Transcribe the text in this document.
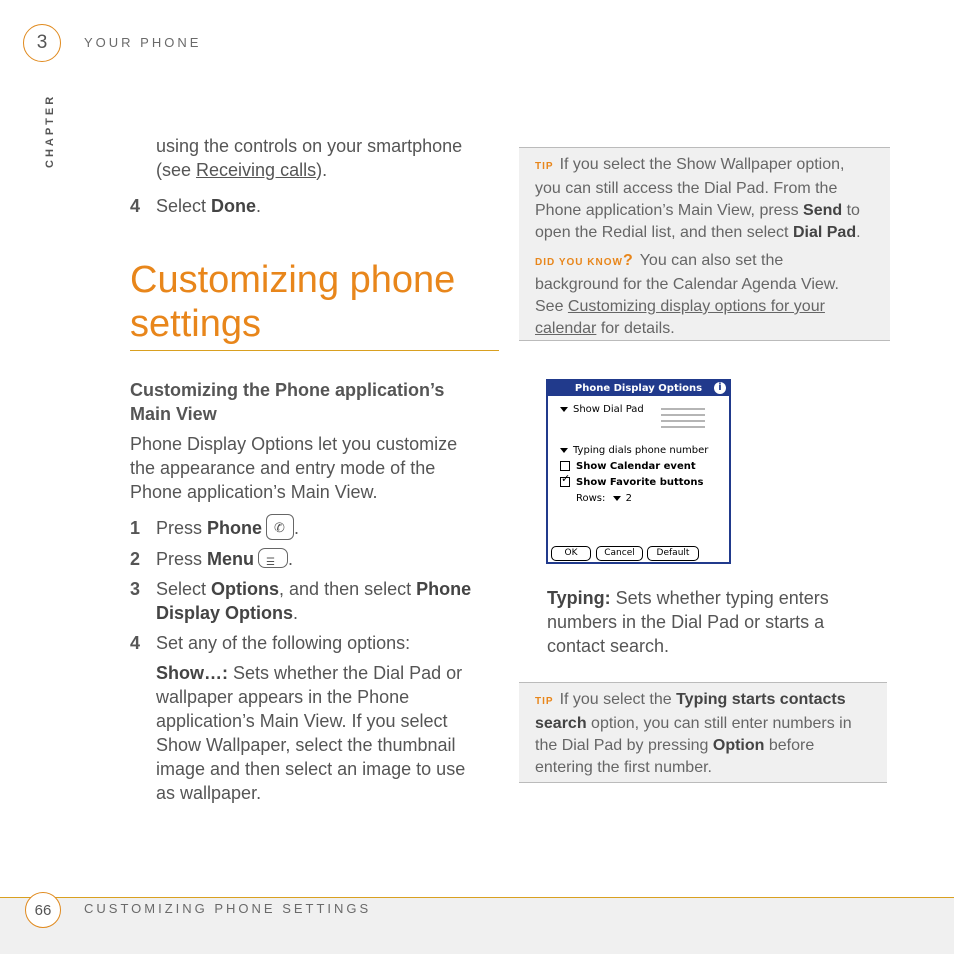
3	YOUR PHONE
CHAPTER	using the controls on your smartphone
(see Receiving calls).
4 Select Done.
Customizing phone
settings
Customizing the Phone application’s
Main View
Phone Display Options let you customize
the appearance and entry mode of the
Phone application’s Main View.
1 Press Phone ✆ .
2 Press Menu ☰ .
3 Select Options, and then select Phone
Display Options.
4 Set any of the following options:
Show…: Sets whether the Dial Pad or
wallpaper appears in the Phone
application’s Main View. If you select
Show Wallpaper, select the thumbnail
image and then select an image to use
as wallpaper.
TIP If you select the Show Wallpaper option,
you can still access the Dial Pad. From the
Phone application’s Main View, press Send to
open the Redial list, and then select Dial Pad.
DID YOU KNOW? You can also set the
background for the Calendar Agenda View.
See Customizing display options for your
calendar for details.
Phone Display Options	i
Show Dial Pad
Typing dials phone number
Show Calendar event
✓ Show Favorite buttons
Rows: 2
OK	Cancel	Default
Typing: Sets whether typing enters
numbers in the Dial Pad or starts a
contact search.
TIP If you select the Typing starts contacts
search option, you can still enter numbers in
the Dial Pad by pressing Option before
entering the first number.
66	CUSTOMIZING PHONE SETTINGS
